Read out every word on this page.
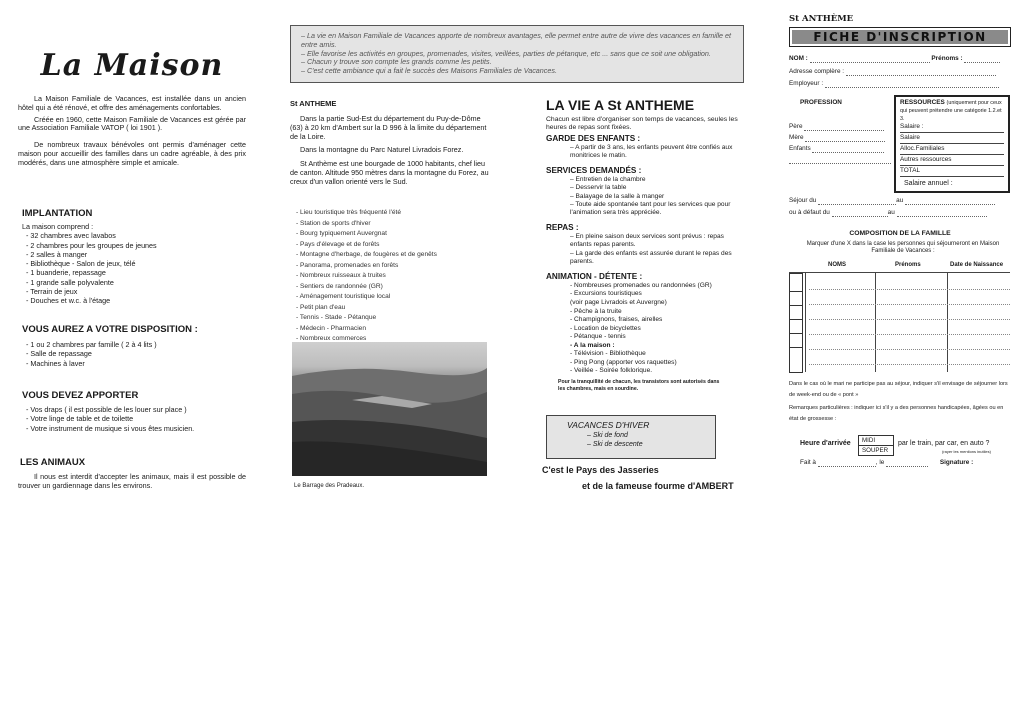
La Maison

La Maison Familiale de Vacances, est installée dans un ancien hôtel qui a été rénové, et offre des aménagements confortables.

Créée en 1960, cette Maison Familiale de Vacances est gérée par une Association Familiale VATOP ( loi 1901 ).

De nombreux travaux bénévoles ont permis d'aménager cette maison pour accueillir des familles dans un cadre agréable, à des prix modérés, dans une atmosphère simple et amicale.

IMPLANTATION
La maison comprend :
- 32 chambres avec lavabos
- 2 chambres pour les groupes de jeunes
- 2 salles à manger
- Bibliothèque - Salon de jeux, télé
- 1 buanderie, repassage
- 1 grande salle polyvalente
- Terrain de jeux
- Douches et w.c. à l'étage
VOUS AUREZ A VOTRE DISPOSITION :
- 1 ou 2 chambres par famille ( 2 à 4 lits )
- Salle de repassage
- Machines à laver
VOUS DEVEZ APPORTER
- Vos draps ( il est possible de les louer sur place )
- Votre linge de table et de toilette
- Votre instrument de musique si vous êtes musicien.
LES ANIMAUX

Il nous est interdit d'accepter les animaux, mais il est possible de trouver un gardiennage dans les environs.

– La vie en Maison Familiale de Vacances apporte de nombreux avantages, elle permet entre autre de vivre des vacances en famille et entre amis.
– Elle favorise les activités en groupes, promenades, visites, veillées, parties de pétanque, etc ... sans que ce soit une obligation.
– Chacun y trouve son compte les grands comme les petits.
– C'est cette ambiance qui a fait le succès des Maisons Familiales de Vacances.
St ANTHEME

Dans la partie Sud-Est du département du Puy-de-Dôme (63) à 20 km d'Ambert sur la D 996 à la limite du département de la Loire.

Dans la montagne du Parc Naturel Livradois Forez.

St Anthème est une bourgade de 1000 habitants, chef lieu de canton. Altitude 950 mètres dans la montagne du Forez, au creux d'un vallon orienté vers le Sud.

- Lieu touristique très fréquenté l'été
- Station de sports d'hiver
- Bourg typiquement Auvergnat
- Pays d'élevage et de forêts
- Montagne d'herbage, de fougères et de genêts
- Panorama, promenades en forêts
- Nombreux ruisseaux à truites
- Sentiers de randonnée (GR)
- Aménagement touristique local
- Petit plan d'eau
- Tennis - Stade - Pétanque
- Médecin - Pharmacien
- Nombreux commerces
Le Barrage des Pradeaux.
LA VIE A St ANTHEME
Chacun est libre d'organiser son temps de vacances, seules les heures de repas sont fixées.
GARDE DES ENFANTS :
– A partir de 3 ans, les enfants peuvent être confiés aux monitrices le matin.
SERVICES DEMANDÉS :
– Entretien de la chambre
– Desservir la table
– Balayage de la salle à manger
– Toute aide spontanée tant pour les services que pour l'animation sera très appréciée.
REPAS :
– En pleine saison deux services sont prévus : repas enfants repas parents.
– La garde des enfants est assurée durant le repas des parents.
ANIMATION - DÉTENTE :
- Nombreuses promenades ou randonnées (GR)
- Excursions touristiques
(voir page Livradois et Auvergne)
- Pêche à la truite
- Champignons, fraises, airelles
- Location de bicyclettes
- Pétanque - tennis
- A la maison :
- Télévision - Bibliothèque
- Ping Pong (apporter vos raquettes)
- Veillée - Soirée folklorique.
Pour la tranquillité de chacun, les transistors sont autorisés dans les chambres, mais en sourdine.
C'est le Pays des Jasseries
et de la fameuse fourme d'AMBERT
VACANCES D'HIVER
– Ski de fond
– Ski de descente
St ANTHÈME
FICHE D'INSCRIPTION
NOM :	Prénoms :
Adresse complère :
Employeur :
PROFESSION
Père
Mère
Enfants
RESSOURCES (uniquement pour ceux qui peuvent prétendre une catégorie 1.2.et 3.
Salaire :
Salaire
Alloc.Familiales
Autres ressources
TOTAL
Salaire annuel :
Séjour du	au
ou à défaut du	au
COMPOSITION DE LA FAMILLE
Marquer d'une X dans la case les personnes qui séjourneront en Maison Familiale de Vacances :
NOMS	Prénoms	Date de Naissance
Dans le cas où le mari ne participe pas au séjour, indiquer s'il envisage de séjourner lors de week-end ou de « pont »
Remarques particulières : indiquer ici s'il y a des personnes handicapées, âgées ou en état de grossesse :
Heure d'arrivée	MIDI
SOUPER
par le train, par car, en auto ?
(rayer les mentions inutiles)
Fait à	, le	Signature :
